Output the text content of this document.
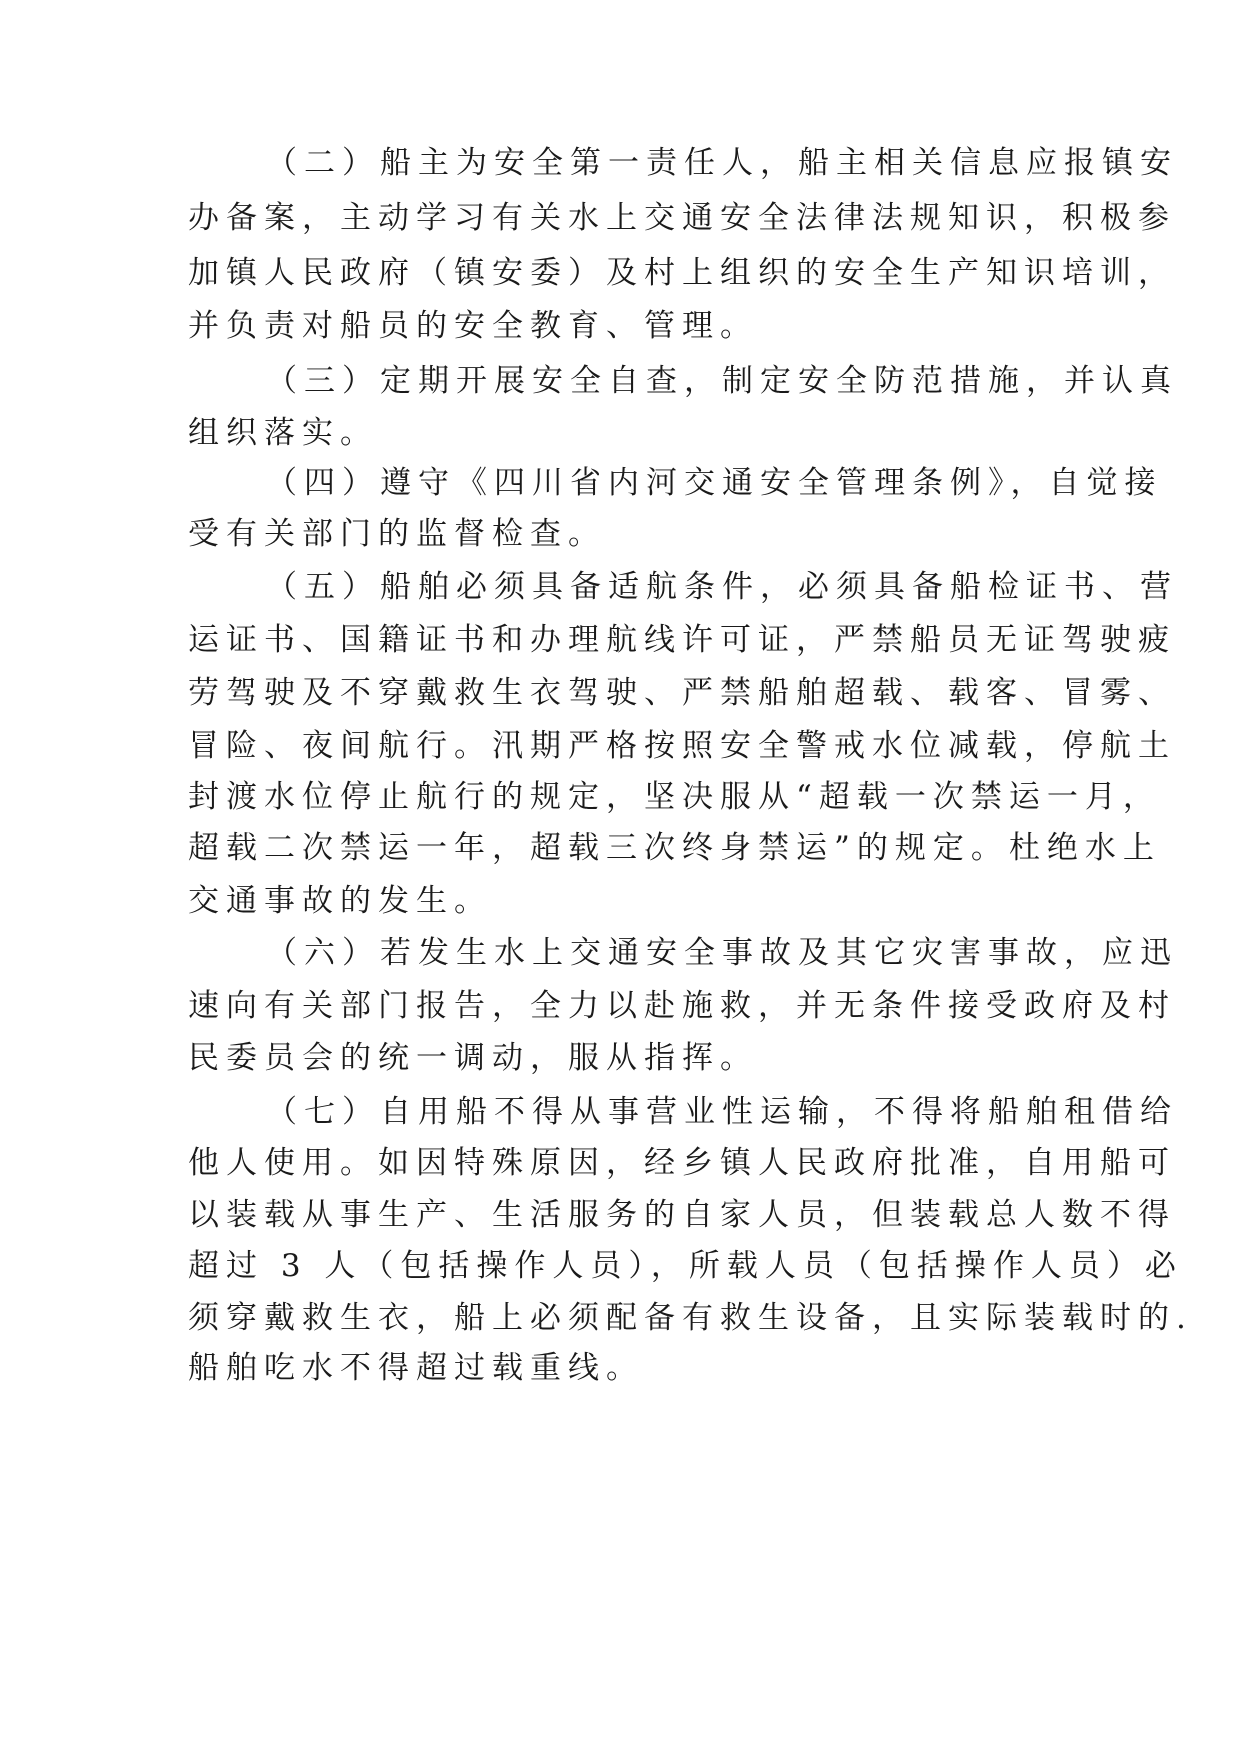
（二）船主为安全第一责任人，船主相关信息应报镇安
办备案，主动学习有关水上交通安全法律法规知识，积极参
加镇人民政府（镇安委）及村上组织的安全生产知识培训，
并负责对船员的安全教育、管理。
（三）定期开展安全自查，制定安全防范措施，并认真
组织落实。
（四）遵守《四川省内河交通安全管理条例》，自觉接
受有关部门的监督检查。
（五）船舶必须具备适航条件，必须具备船检证书、营
运证书、国籍证书和办理航线许可证，严禁船员无证驾驶疲
劳驾驶及不穿戴救生衣驾驶、严禁船舶超载、载客、冒雾、
冒险、夜间航行。汛期严格按照安全警戒水位减载，停航土
封渡水位停止航行的规定，坚决服从“超载一次禁运一月，
超载二次禁运一年，超载三次终身禁运”的规定。杜绝水上
交通事故的发生。
（六）若发生水上交通安全事故及其它灾害事故，应迅
速向有关部门报告，全力以赴施救，并无条件接受政府及村
民委员会的统一调动，服从指挥。
（七）自用船不得从事营业性运输，不得将船舶租借给
他人使用。如因特殊原因，经乡镇人民政府批准，自用船可
以装载从事生产、生活服务的自家人员，但装载总人数不得
超过 3 人（包括操作人员），所载人员（包括操作人员）必
须穿戴救生衣，船上必须配备有救生设备，且实际装载时的.
船舶吃水不得超过载重线。
